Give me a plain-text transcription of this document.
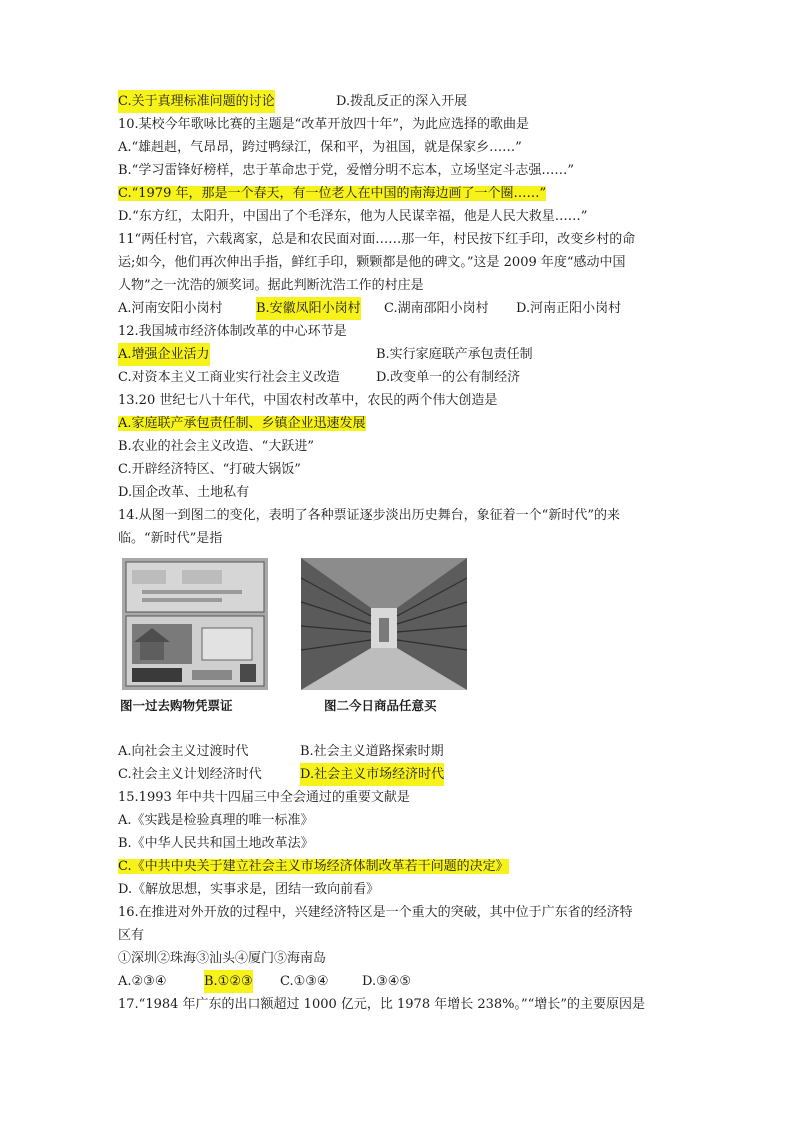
C.关于真理标准问题的讨论	D.拨乱反正的深入开展
10.某校今年歌咏比赛的主题是“改革开放四十年”，为此应选择的歌曲是
A.“雄赳赳，气昂昂，跨过鸭绿江，保和平，为祖国，就是保家乡……”
B.“学习雷锋好榜样，忠于革命忠于党，爱憎分明不忘本，立场坚定斗志强……”
C.“1979 年，那是一个春天，有一位老人在中国的南海边画了一个圈……”
D.“东方红，太阳升，中国出了个毛泽东，他为人民谋幸福，他是人民大救星……”
11“两任村官，六载离家，总是和农民面对面……那一年，村民按下红手印，改变乡村的命
运;如今，他们再次伸出手指，鲜红手印，颗颗都是他的碑文。”这是 2009 年度“感动中国
人物”之一沈浩的颁奖词。据此判断沈浩工作的村庄是
A.河南安阳小岗村	B.安徽凤阳小岗村 C.湖南邵阳小岗村 D.河南正阳小岗村
12.我国城市经济体制改革的中心环节是
A.增强企业活力	B.实行家庭联产承包责任制
C.对资本主义工商业实行社会主义改造	D.改变单一的公有制经济
13.20 世纪七八十年代，中国农村改革中，农民的两个伟大创造是
A.家庭联产承包责任制、乡镇企业迅速发展
B.农业的社会主义改造、“大跃进”
C.开辟经济特区、“打破大锅饭”
D.国企改革、土地私有
14.从图一到图二的变化，表明了各种票证逐步淡出历史舞台，象征着一个“新时代”的来
临。“新时代”是指
图一过去购物凭票证	图二今日商品任意买
A.向社会主义过渡时代	B.社会主义道路探索时期
C.社会主义计划经济时代	D.社会主义市场经济时代
15.1993 年中共十四届三中全会通过的重要文献是
A.《实践是检验真理的唯一标准》
B.《中华人民共和国土地改革法》
C.《中共中央关于建立社会主义市场经济体制改革若干问题的决定》
D.《解放思想，实事求是，团结一致向前看》
16.在推进对外开放的过程中，兴建经济特区是一个重大的突破，其中位于广东省的经济特
区有
①深圳②珠海③汕头④厦门⑤海南岛
A.②③④	B.①②③ C.①③④	D.③④⑤
17.“1984 年广东的出口额超过 1000 亿元，比 1978 年增长 238%。”“增长”的主要原因是
